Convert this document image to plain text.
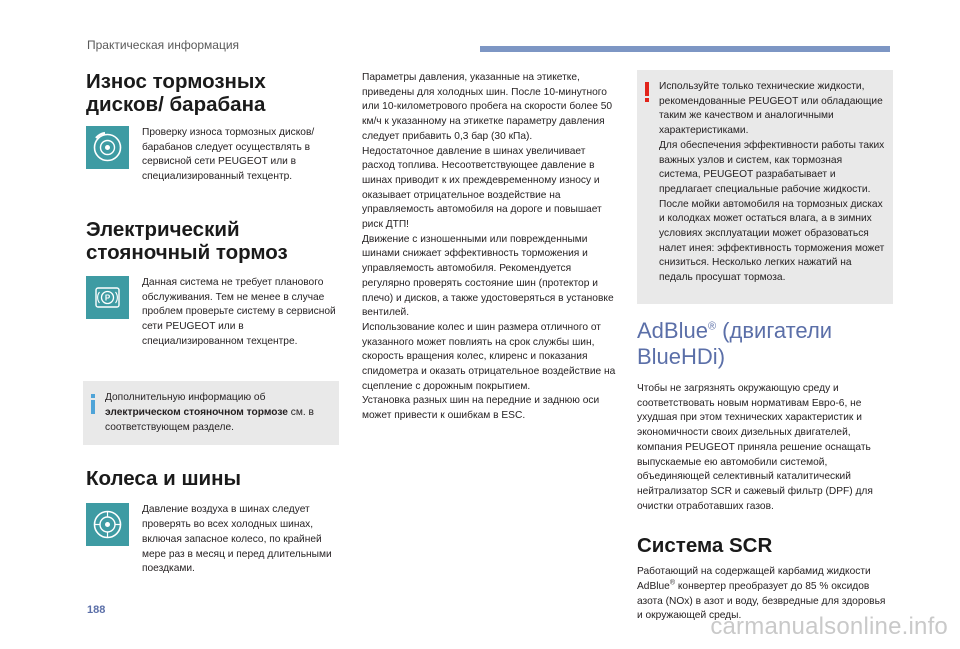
Практическая информация
Износ тормозных дисков/ барабана
Проверку износа тормозных дисков/ барабанов следует осуществлять в сервисной сети PEUGEOT или в специализированный техцентр.
Электрический стояночный тормоз
P
Данная система не требует планового обслуживания. Тем не менее в случае проблем проверьте систему в сервисной сети PEUGEOT или в специализированном техцентре.
Дополнительную информацию об электрическом стояночном тормозе см. в соответствующем разделе.
Колеса и шины
Давление воздуха в шинах следует проверять во всех холодных шинах, включая запасное колесо, по крайней мере раз в месяц и перед длительными поездками.
Параметры давления, указанные на этикетке, приведены для холодных шин. После 10-минутного или 10-километрового пробега на скорости более 50 км/ч к указанному на этикетке параметру давления следует прибавить 0,3 бар (30 кПа).
Недостаточное давление в шинах увеличивает расход топлива. Несоответствующее давление в шинах приводит к их преждевременному износу и оказывает отрицательное воздействие на управляемость автомобиля на дороге и повышает риск ДТП!
Движение с изношенными или поврежденными шинами снижает эффективность торможения и управляемость автомобиля. Рекомендуется регулярно проверять состояние шин (протектор и плечо) и дисков, а также удостоверяться в установке вентилей.
Использование колес и шин размера отличного от указанного может повлиять на срок службы шин, скорость вращения колес, клиренс и показания спидометра и оказать отрицательное воздействие на сцепление с дорожным покрытием.
Установка разных шин на передние и заднюю оси может привести к ошибкам в ESC.
Используйте только технические жидкости, рекомендованные PEUGEOT или обладающие таким же качеством и аналогичными характеристиками.
Для обеспечения эффективности работы таких важных узлов и систем, как тормозная система, PEUGEOT разрабатывает и предлагает специальные рабочие жидкости.
После мойки автомобиля на тормозных дисках и колодках может остаться влага, а в зимних условиях эксплуатации может образоваться налет инея: эффективность торможения может снизиться. Несколько легких нажатий на педаль просушат тормоза.
AdBlue® (двигатели BlueHDi)
Чтобы не загрязнять окружающую среду и соответствовать новым нормативам Евро-6, не ухудшая при этом технических характеристик и экономичности своих дизельных двигателей, компания PEUGEOT приняла решение оснащать выпускаемые ею автомобили системой, объединяющей селективный каталитический нейтрализатор SCR и сажевый фильтр (DPF) для очистки отработавших газов.
Система SCR
Работающий на содержащей карбамид жидкости AdBlue® конвертер преобразует до 85 % оксидов азота (NOx) в азот и воду, безвредные для здоровья и окружающей среды.
188
carmanualsonline.info
